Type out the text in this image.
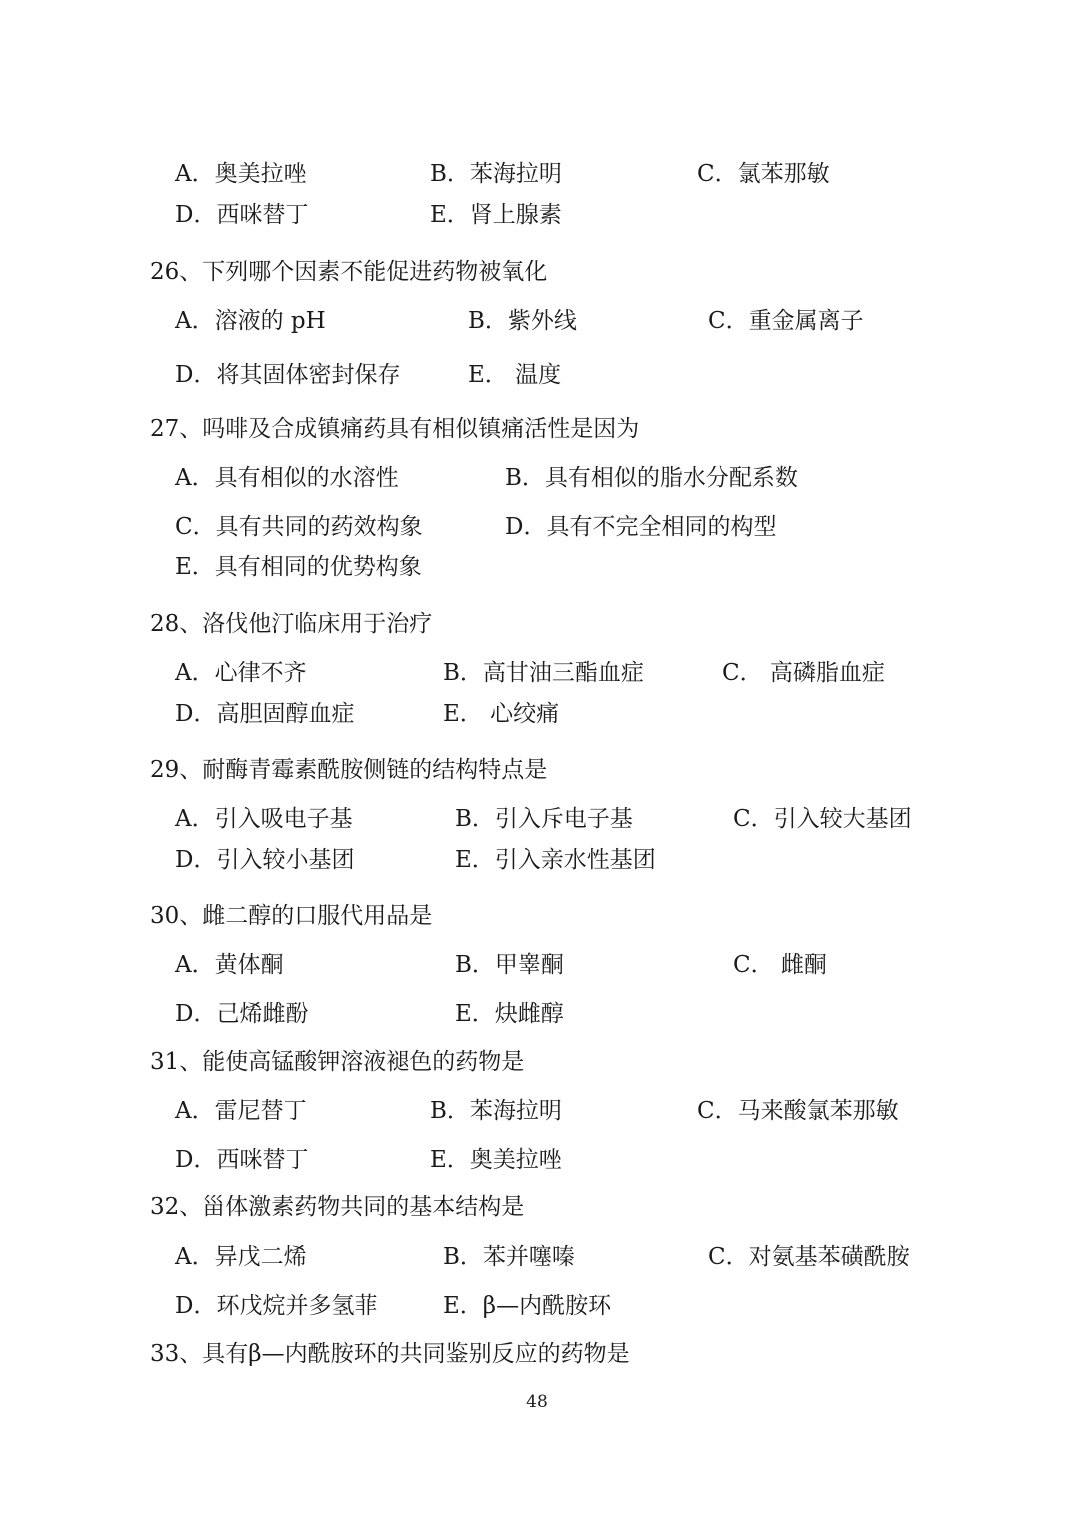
A．奥美拉唑	B．苯海拉明	C．氯苯那敏
D．西咪替丁	E．肾上腺素
26、下列哪个因素不能促进药物被氧化
A．溶液的 pH	B．紫外线	C．重金属离子
D．将其固体密封保存	E． 温度
27、吗啡及合成镇痛药具有相似镇痛活性是因为
A．具有相似的水溶性	B．具有相似的脂水分配系数
C．具有共同的药效构象	D．具有不完全相同的构型
E．具有相同的优势构象
28、洛伐他汀临床用于治疗
A．心律不齐	B．高甘油三酯血症	C． 高磷脂血症
D．高胆固醇血症	E． 心绞痛
29、耐酶青霉素酰胺侧链的结构特点是
A．引入吸电子基	B．引入斥电子基	C．引入较大基团
D．引入较小基团	E．引入亲水性基团
30、雌二醇的口服代用品是
A．黄体酮	B．甲睾酮	C． 雌酮
D．己烯雌酚	E．炔雌醇
31、能使高锰酸钾溶液褪色的药物是
A．雷尼替丁	B．苯海拉明	C．马来酸氯苯那敏
D．西咪替丁	E．奥美拉唑
32、甾体激素药物共同的基本结构是
A．异戊二烯	B．苯并噻嗪	C．对氨基苯磺酰胺
D．环戊烷并多氢菲	E．β—内酰胺环
33、具有β—内酰胺环的共同鉴别反应的药物是
48
